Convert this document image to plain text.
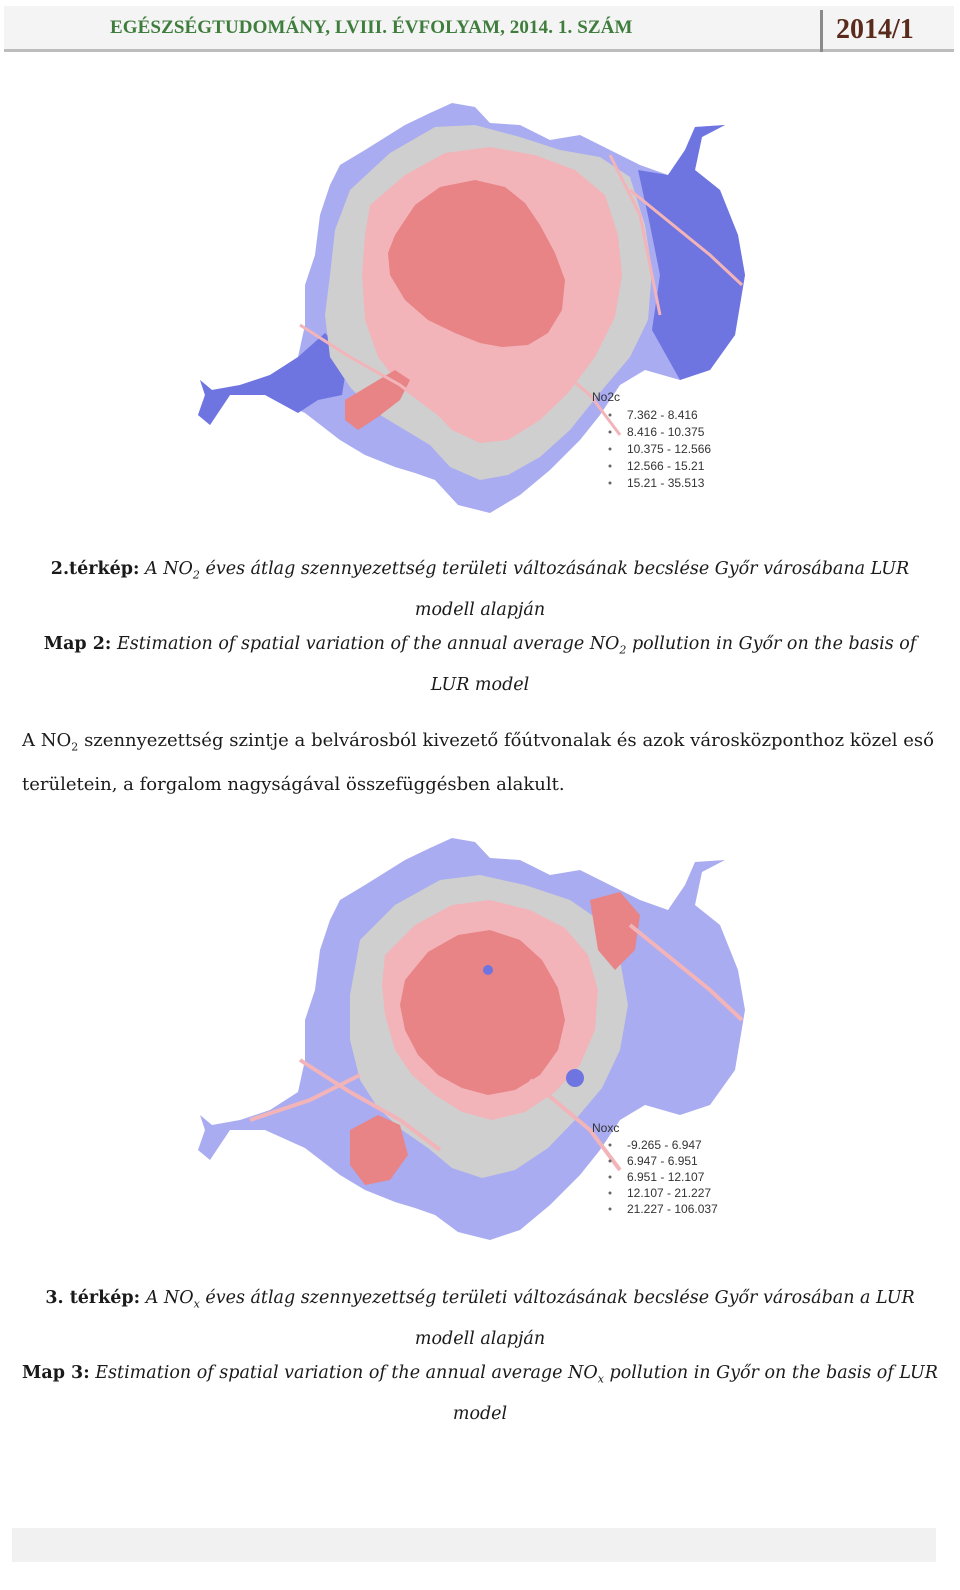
EGÉSZSÉGTUDOMÁNY, LVIII. ÉVFOLYAM, 2014. 1. SZÁM	2014/1
No2c
7.362 - 8.416
8.416 - 10.375
10.375 - 12.566
12.566 - 15.21
15.21 - 35.513
2.térkép: A $NO_2$ éves átlag szennyezettség területi változásának becslése Győr városábana LUR modell alapján
Map 2: Estimation of spatial variation of the annual average $NO_2$ pollution in Győr on the basis of LUR model

A $NO_2$ szennyezettség szintje a belvárosból kivezető főútvonalak és azok városközponthoz közel eső területein, a forgalom nagyságával összefüggésben alakult.

Noxc
-9.265 - 6.947
6.947 - 6.951
6.951 - 12.107
12.107 - 21.227
21.227 - 106.037
3. térkép: A $NO_x$ éves átlag szennyezettség területi változásának becslése Győr városában a LUR modell alapján
Map 3: Estimation of spatial variation of the annual average $NO_x$ pollution in Győr on the basis of LUR model
